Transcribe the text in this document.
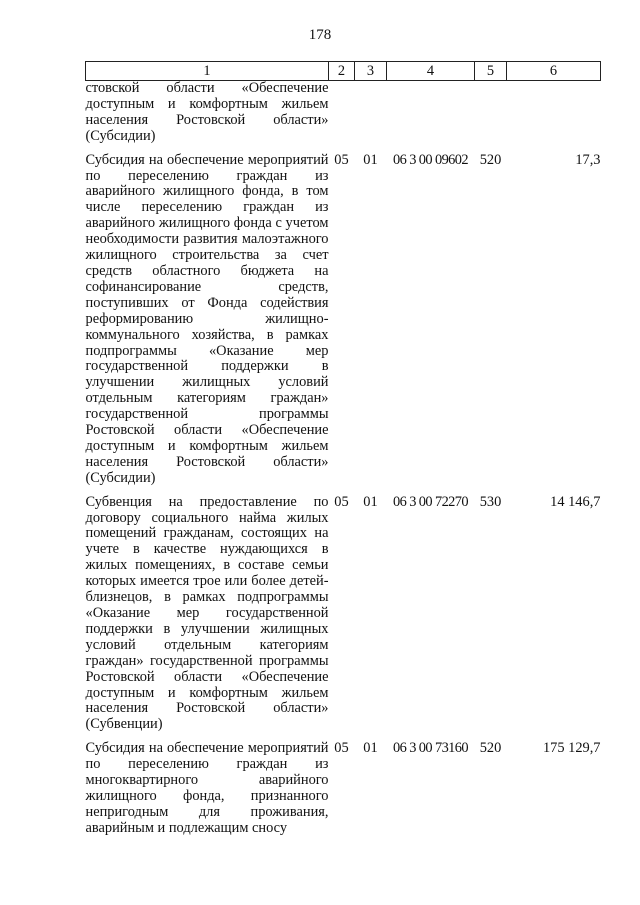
178
1	2	3	4	5	6
стовской области «Обеспечение доступным и комфортным жильем населения Ростовской области» (Субсидии)					

Субсидия на обеспечение мероприятий по переселению граждан из аварийного жилищного фонда, в том числе переселению граждан из аварийного жилищного фонда с учетом необходимости развития малоэтажного жилищного строительства за счет средств областного бюджета на софинансирование средств, поступивших от Фонда содействия реформированию жилищно-коммунального хозяйства, в рамках подпрограммы «Оказание мер государственной поддержки в улучшении жилищных условий отдельным категориям граждан» государственной программы Ростовской области «Обеспечение доступным и комфортным жильем населения Ростовской области» (Субсидии)	05	01	06 3 00 09602	520	17,3

Субвенция на предоставление по договору социального найма жилых помещений гражданам, состоящих на учете в качестве нуждающихся в жилых помещениях, в составе семьи которых имеется трое или более детей-близнецов, в рамках подпрограммы «Оказание мер государственной поддержки в улучшении жилищных условий отдельным категориям граждан» государственной программы Ростовской области «Обеспечение доступным и комфортным жильем населения Ростовской области» (Субвенции)	05	01	06 3 00 72270	530	14 146,7

Субсидия на обеспечение мероприятий по переселению граждан из многоквартирного аварийного жилищного фонда, признанного непригодным для проживания, аварийным и подлежащим сносу	05	01	06 3 00 73160	520	175 129,7
